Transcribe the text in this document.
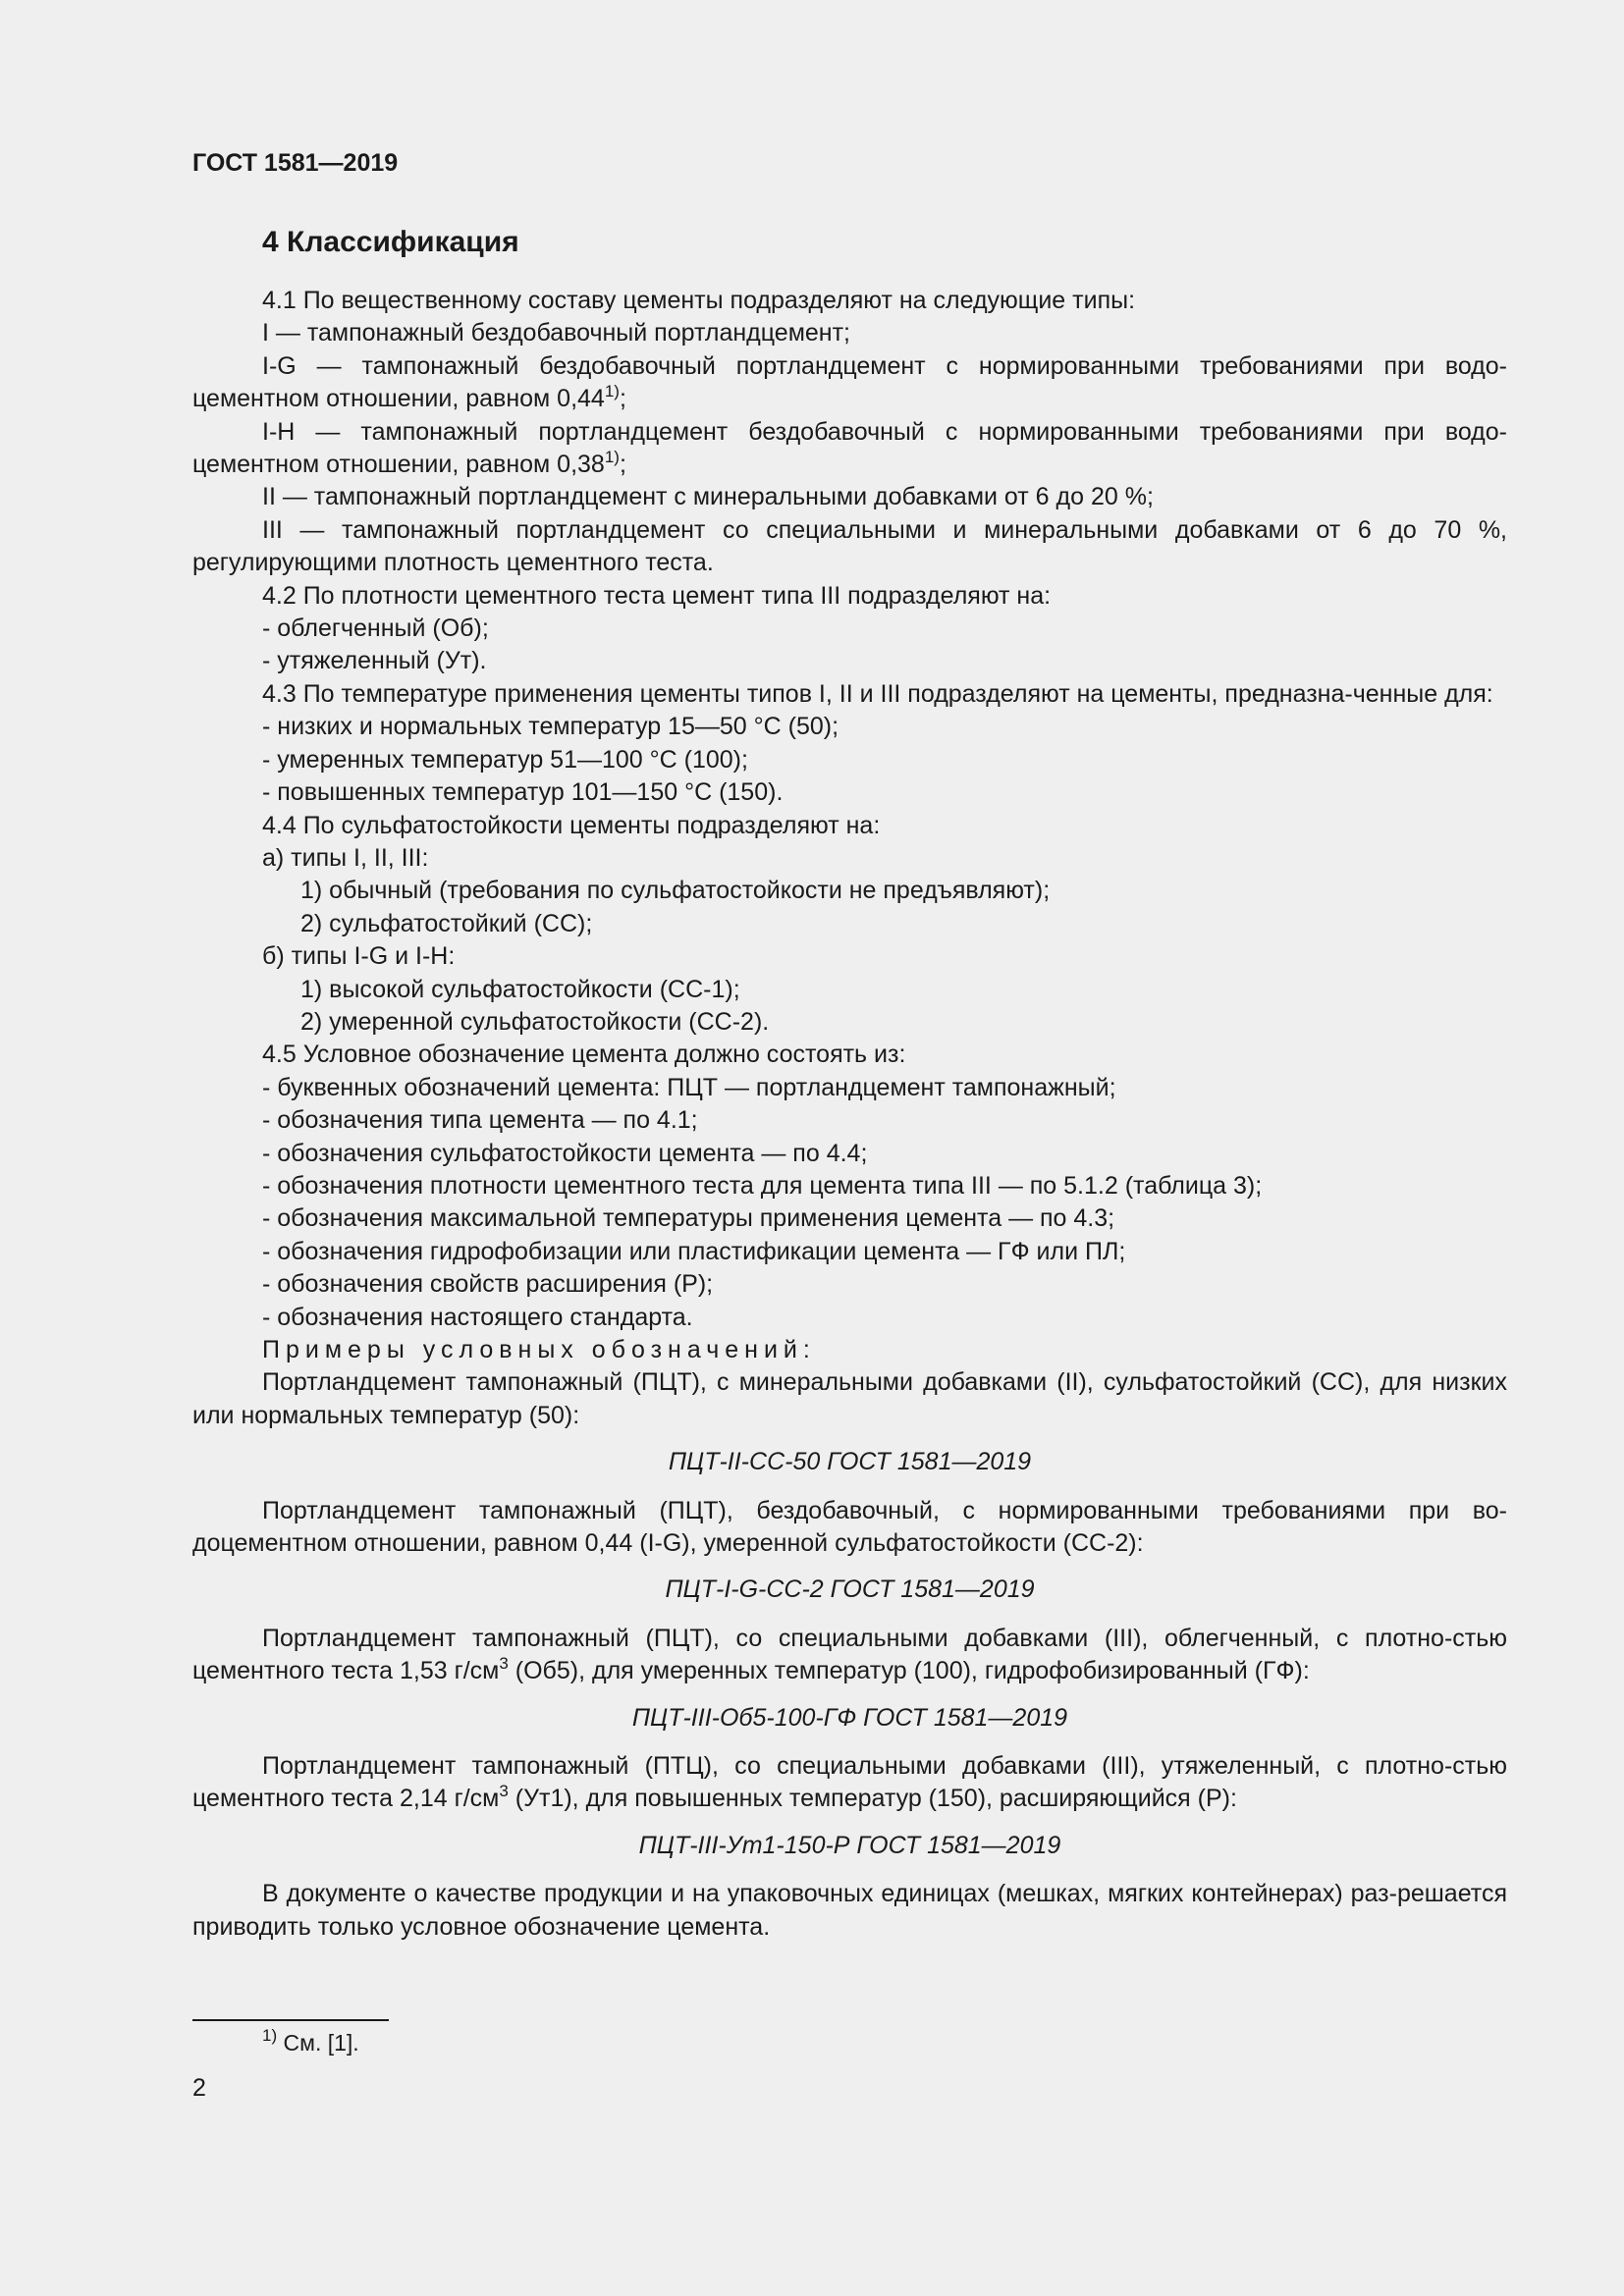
ГОСТ 1581—2019
4 Классификация

4.1 По вещественному составу цементы подразделяют на следующие типы:

I — тампонажный бездобавочный портландцемент;

I-G — тампонажный бездобавочный портландцемент с нормированными требованиями при водо-цементном отношении, равном 0,44$^{1)}$;

I-H — тампонажный портландцемент бездобавочный с нормированными требованиями при водо-цементном отношении, равном 0,38$^{1)}$;

II — тампонажный портландцемент с минеральными добавками от 6 до 20 %;

III — тампонажный портландцемент со специальными и минеральными добавками от 6 до 70 %, регулирующими плотность цементного теста.

4.2 По плотности цементного теста цемент типа III подразделяют на:

- облегченный (Об);

- утяжеленный (Ут).

4.3 По температуре применения цементы типов I, II и III подразделяют на цементы, предназна-ченные для:

- низких и нормальных температур 15—50 °С (50);

- умеренных температур 51—100 °С (100);

- повышенных температур 101—150 °С (150).

4.4 По сульфатостойкости цементы подразделяют на:

а) типы I, II, III:

1) обычный (требования по сульфатостойкости не предъявляют);

2) сульфатостойкий (СС);

б) типы I-G и I-H:

1) высокой сульфатостойкости (СС-1);

2) умеренной сульфатостойкости (СС-2).

4.5 Условное обозначение цемента должно состоять из:

- буквенных обозначений цемента: ПЦТ — портландцемент тампонажный;

- обозначения типа цемента — по 4.1;

- обозначения сульфатостойкости цемента — по 4.4;

- обозначения плотности цементного теста для цемента типа III — по 5.1.2 (таблица 3);

- обозначения максимальной температуры применения цемента — по 4.3;

- обозначения гидрофобизации или пластификации цемента — ГФ или ПЛ;

- обозначения свойств расширения (Р);

- обозначения настоящего стандарта.

Примеры условных обозначений:

Портландцемент тампонажный (ПЦТ), с минеральными добавками (II), сульфатостойкий (СС), для низких или нормальных температур (50):

ПЦТ-II-СС-50 ГОСТ 1581—2019

Портландцемент тампонажный (ПЦТ), бездобавочный, с нормированными требованиями при во-доцементном отношении, равном 0,44 (I-G), умеренной сульфатостойкости (СС-2):

ПЦТ-I-G-СС-2 ГОСТ 1581—2019

Портландцемент тампонажный (ПЦТ), со специальными добавками (III), облегченный, с плотно-стью цементного теста 1,53 $г/см^3$ (Об5), для умеренных температур (100), гидрофобизированный (ГФ):

ПЦТ-III-Об5-100-ГФ ГОСТ 1581—2019

Портландцемент тампонажный (ПТЦ), со специальными добавками (III), утяжеленный, с плотно-стью цементного теста 2,14 $г/см^3$ (Ут1), для повышенных температур (150), расширяющийся (Р):

ПЦТ-III-Ут1-150-Р ГОСТ 1581—2019

В документе о качестве продукции и на упаковочных единицах (мешках, мягких контейнерах) раз-решается приводить только условное обозначение цемента.

$^{1)}$ См. [1].
2
